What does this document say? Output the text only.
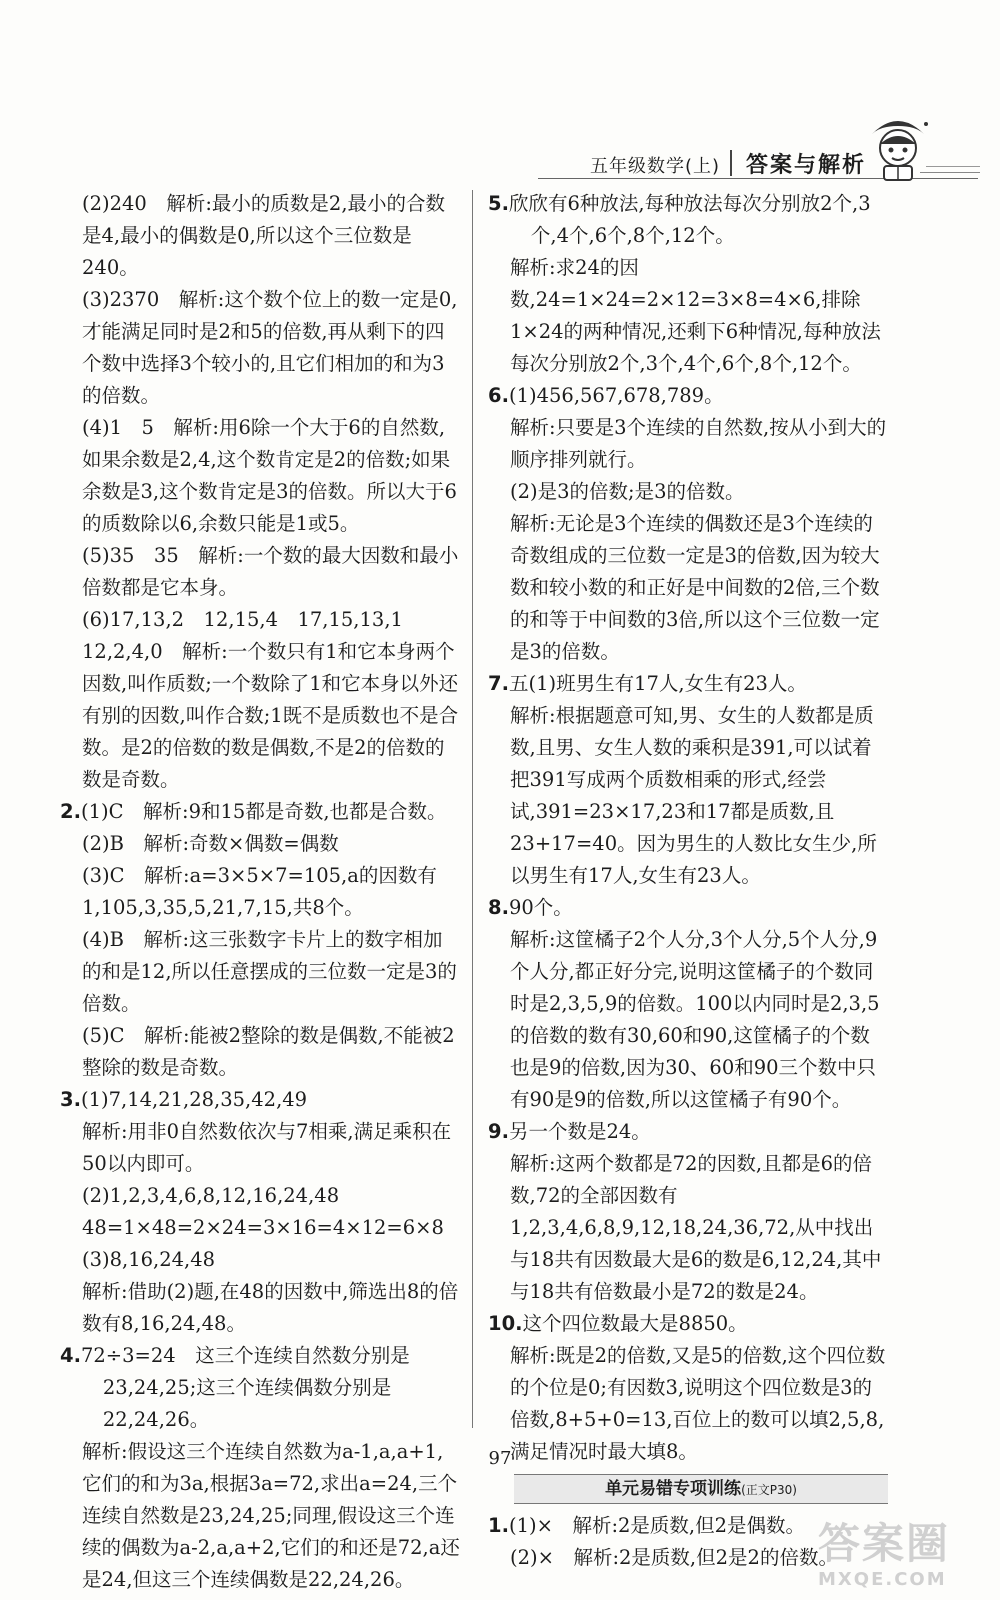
五年级数学(上) 答案与解析

(2)240　解析:最小的质数是2,最小的合数是4,最小的偶数是0,所以这个三位数是240。

(3)2370　解析:这个数个位上的数一定是0,才能满足同时是2和5的倍数,再从剩下的四个数中选择3个较小的,且它们相加的和为3的倍数。

(4)1　5　解析:用6除一个大于6的自然数,如果余数是2,4,这个数肯定是2的倍数;如果余数是3,这个数肯定是3的倍数。所以大于6的质数除以6,余数只能是1或5。

(5)35　35　解析:一个数的最大因数和最小倍数都是它本身。

(6)17,13,2　12,15,4　17,15,13,1　12,2,4,0　解析:一个数只有1和它本身两个因数,叫作质数;一个数除了1和它本身以外还有别的因数,叫作合数;1既不是质数也不是合数。是2的倍数的数是偶数,不是2的倍数的数是奇数。

2.(1)C　解析:9和15都是奇数,也都是合数。

(2)B　解析:奇数×偶数=偶数

(3)C　解析:a=3×5×7=105,a的因数有1,105,3,35,5,21,7,15,共8个。

(4)B　解析:这三张数字卡片上的数字相加的和是12,所以任意摆成的三位数一定是3的倍数。

(5)C　解析:能被2整除的数是偶数,不能被2整除的数是奇数。

3.(1)7,14,21,28,35,42,49

解析:用非0自然数依次与7相乘,满足乘积在50以内即可。

(2)1,2,3,4,6,8,12,16,24,48

48=1×48=2×24=3×16=4×12=6×8

(3)8,16,24,48

解析:借助(2)题,在48的因数中,筛选出8的倍数有8,16,24,48。

4.72÷3=24　这三个连续自然数分别是23,24,25;这三个连续偶数分别是22,24,26。

解析:假设这三个连续自然数为a-1,a,a+1,它们的和为3a,根据3a=72,求出a=24,三个连续自然数是23,24,25;同理,假设这三个连续的偶数为a-2,a,a+2,它们的和还是72,a还是24,但这三个连续偶数是22,24,26。

5.欣欣有6种放法,每种放法每次分别放2个,3个,4个,6个,8个,12个。

解析:求24的因数,24=1×24=2×12=3×8=4×6,排除1×24的两种情况,还剩下6种情况,每种放法每次分别放2个,3个,4个,6个,8个,12个。

6.(1)456,567,678,789。

解析:只要是3个连续的自然数,按从小到大的顺序排列就行。

(2)是3的倍数;是3的倍数。

解析:无论是3个连续的偶数还是3个连续的奇数组成的三位数一定是3的倍数,因为较大数和较小数的和正好是中间数的2倍,三个数的和等于中间数的3倍,所以这个三位数一定是3的倍数。

7.五(1)班男生有17人,女生有23人。

解析:根据题意可知,男、女生的人数都是质数,且男、女生人数的乘积是391,可以试着把391写成两个质数相乘的形式,经尝试,391=23×17,23和17都是质数,且23+17=40。因为男生的人数比女生少,所以男生有17人,女生有23人。

8.90个。

解析:这筐橘子2个人分,3个人分,5个人分,9个人分,都正好分完,说明这筐橘子的个数同时是2,3,5,9的倍数。100以内同时是2,3,5的倍数的数有30,60和90,这筐橘子的个数也是9的倍数,因为30、60和90三个数中只有90是9的倍数,所以这筐橘子有90个。

9.另一个数是24。

解析:这两个数都是72的因数,且都是6的倍数,72的全部因数有1,2,3,4,6,8,9,12,18,24,36,72,从中找出与18共有因数最大是6的数是6,12,24,其中与18共有倍数最小是72的数是24。

10.这个四位数最大是8850。

解析:既是2的倍数,又是5的倍数,这个四位数的个位是0;有因数3,说明这个四位数是3的倍数,8+5+0=13,百位上的数可以填2,5,8,满足情况时最大填8。

单元易错专项训练(正文P30)

1.(1)×　解析:2是质数,但2是偶数。

(2)×　解析:2是质数,但2是2的倍数。

97
答案圈
MXQE.COM
